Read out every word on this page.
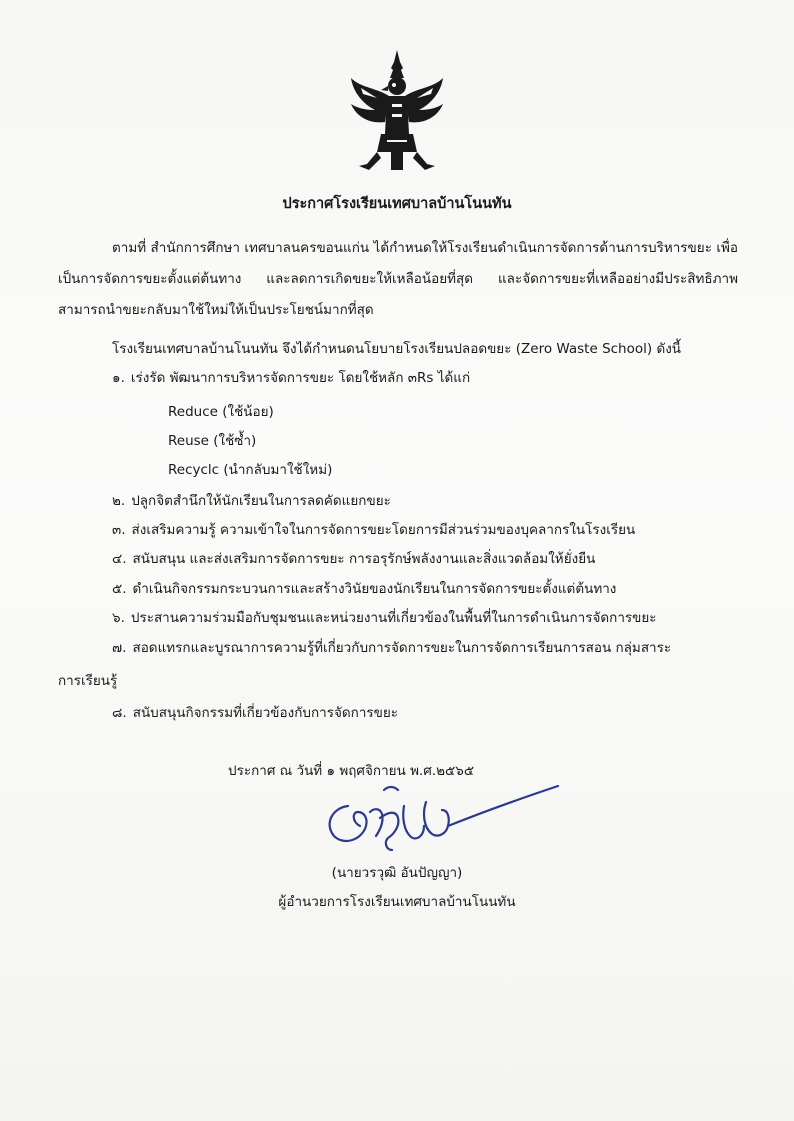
ประกาศโรงเรียนเทศบาลบ้านโนนทัน
ตามที่ สำนักการศึกษา เทศบาลนครขอนแก่น ได้กำหนดให้โรงเรียนดำเนินการจัดการด้านการบริหารขยะ เพื่อเป็นการจัดการขยะตั้งแต่ต้นทาง และลดการเกิดขยะให้เหลือน้อยที่สุด และจัดการขยะที่เหลืออย่างมีประสิทธิภาพ สามารถนำขยะกลับมาใช้ใหม่ให้เป็นประโยชน์มากที่สุด
โรงเรียนเทศบาลบ้านโนนทัน จึงได้กำหนดนโยบายโรงเรียนปลอดขยะ (Zero Waste School) ดังนี้
๑. เร่งรัด พัฒนาการบริหารจัดการขยะ โดยใช้หลัก ๓Rs ได้แก่
Reduce (ใช้น้อย)
Reuse (ใช้ซ้ำ)
Recyclc (นำกลับมาใช้ใหม่)
๒. ปลูกจิตสำนึกให้นักเรียนในการลดคัดแยกขยะ
๓. ส่งเสริมความรู้ ความเข้าใจในการจัดการขยะโดยการมีส่วนร่วมของบุคลากรในโรงเรียน
๔. สนับสนุน และส่งเสริมการจัดการขยะ การอรุรักษ์พลังงานและสิ่งแวดล้อมให้ยั่งยืน
๕. ดำเนินกิจกรรมกระบวนการและสร้างวินัยของนักเรียนในการจัดการขยะตั้งแต่ต้นทาง
๖. ประสานความร่วมมือกับชุมชนและหน่วยงานที่เกี่ยวข้องในพื้นที่ในการดำเนินการจัดการขยะ
๗. สอดแทรกและบูรณาการความรู้ที่เกี่ยวกับการจัดการขยะในการจัดการเรียนการสอน กลุ่มสาระ
การเรียนรู้
๘. สนับสนุนกิจกรรมที่เกี่ยวข้องกับการจัดการขยะ
ประกาศ ณ วันที่ ๑ พฤศจิกายน พ.ศ.๒๕๖๕
(นายวรวุฒิ อันปัญญา)
ผู้อำนวยการโรงเรียนเทศบาลบ้านโนนทัน
